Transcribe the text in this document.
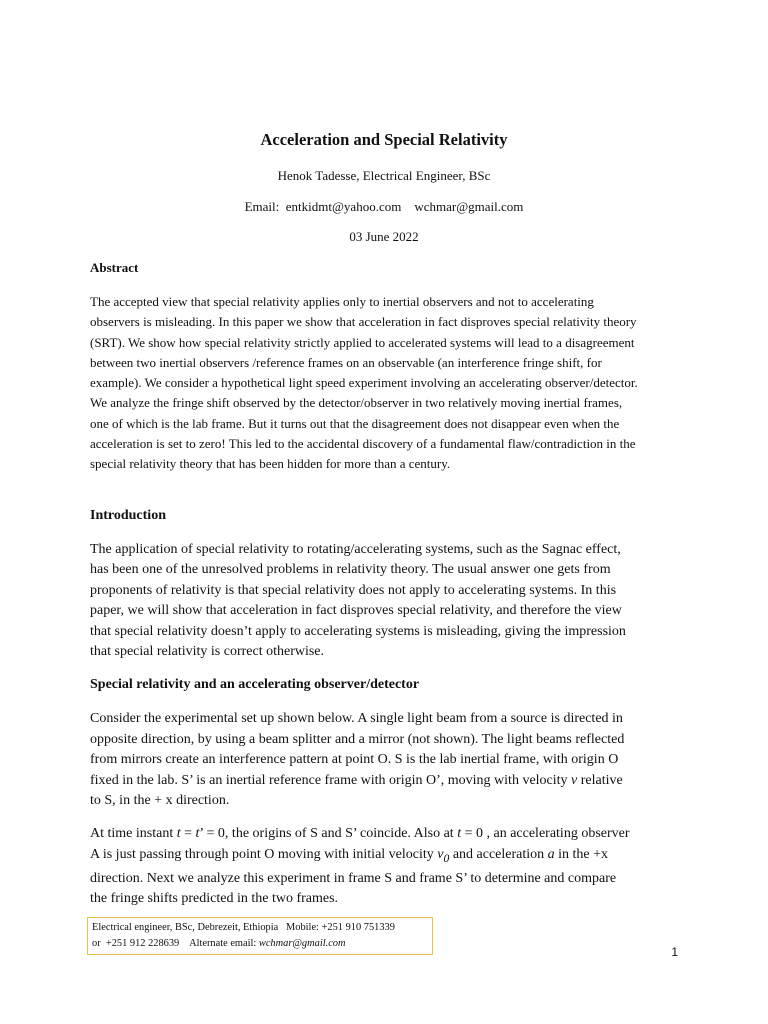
Acceleration and Special Relativity
Henok Tadesse, Electrical Engineer, BSc
Email:  entkidmt@yahoo.com    wchmar@gmail.com
03 June 2022
Abstract

The accepted view that special relativity applies only to inertial observers and not to accelerating
observers is misleading. In this paper we show that acceleration in fact disproves special relativity theory
(SRT). We show how special relativity strictly applied to accelerated systems will lead to a disagreement
between two inertial observers /reference frames on an observable (an interference fringe shift, for
example). We consider a hypothetical light speed experiment involving an accelerating observer/detector.
We analyze the fringe shift observed by the detector/observer in two relatively moving inertial frames,
one of which is the lab frame. But it turns out that the disagreement does not disappear even when the
acceleration is set to zero! This led to the accidental discovery of a fundamental flaw/contradiction in the
special relativity theory that has been hidden for more than a century.

Introduction

The application of special relativity to rotating/accelerating systems, such as the Sagnac effect,
has been one of the unresolved problems in relativity theory. The usual answer one gets from
proponents of relativity is that special relativity does not apply to accelerating systems. In this
paper, we will show that acceleration in fact disproves special relativity, and therefore the view
that special relativity doesn’t apply to accelerating systems is misleading, giving the impression
that special relativity is correct otherwise.

Special relativity and an accelerating observer/detector

Consider the experimental set up shown below. A single light beam from a source is directed in
opposite direction, by using a beam splitter and a mirror (not shown). The light beams reflected
from mirrors create an interference pattern at point O. S is the lab inertial frame, with origin O
fixed in the lab. S’ is an inertial reference frame with origin O’, moving with velocity v relative
to S, in the + x direction.

At time instant t = t’ = 0, the origins of S and S’ coincide. Also at t = 0 , an accelerating observer
A is just passing through point O moving with initial velocity $v_0$ and acceleration a in the +x
direction. Next we analyze this experiment in frame S and frame S’ to determine and compare
the fringe shifts predicted in the two frames.

Electrical engineer, BSc, Debrezeit, Ethiopia   Mobile: +251 910 751339
or  +251 912 228639    Alternate email: wchmar@gmail.com
1
